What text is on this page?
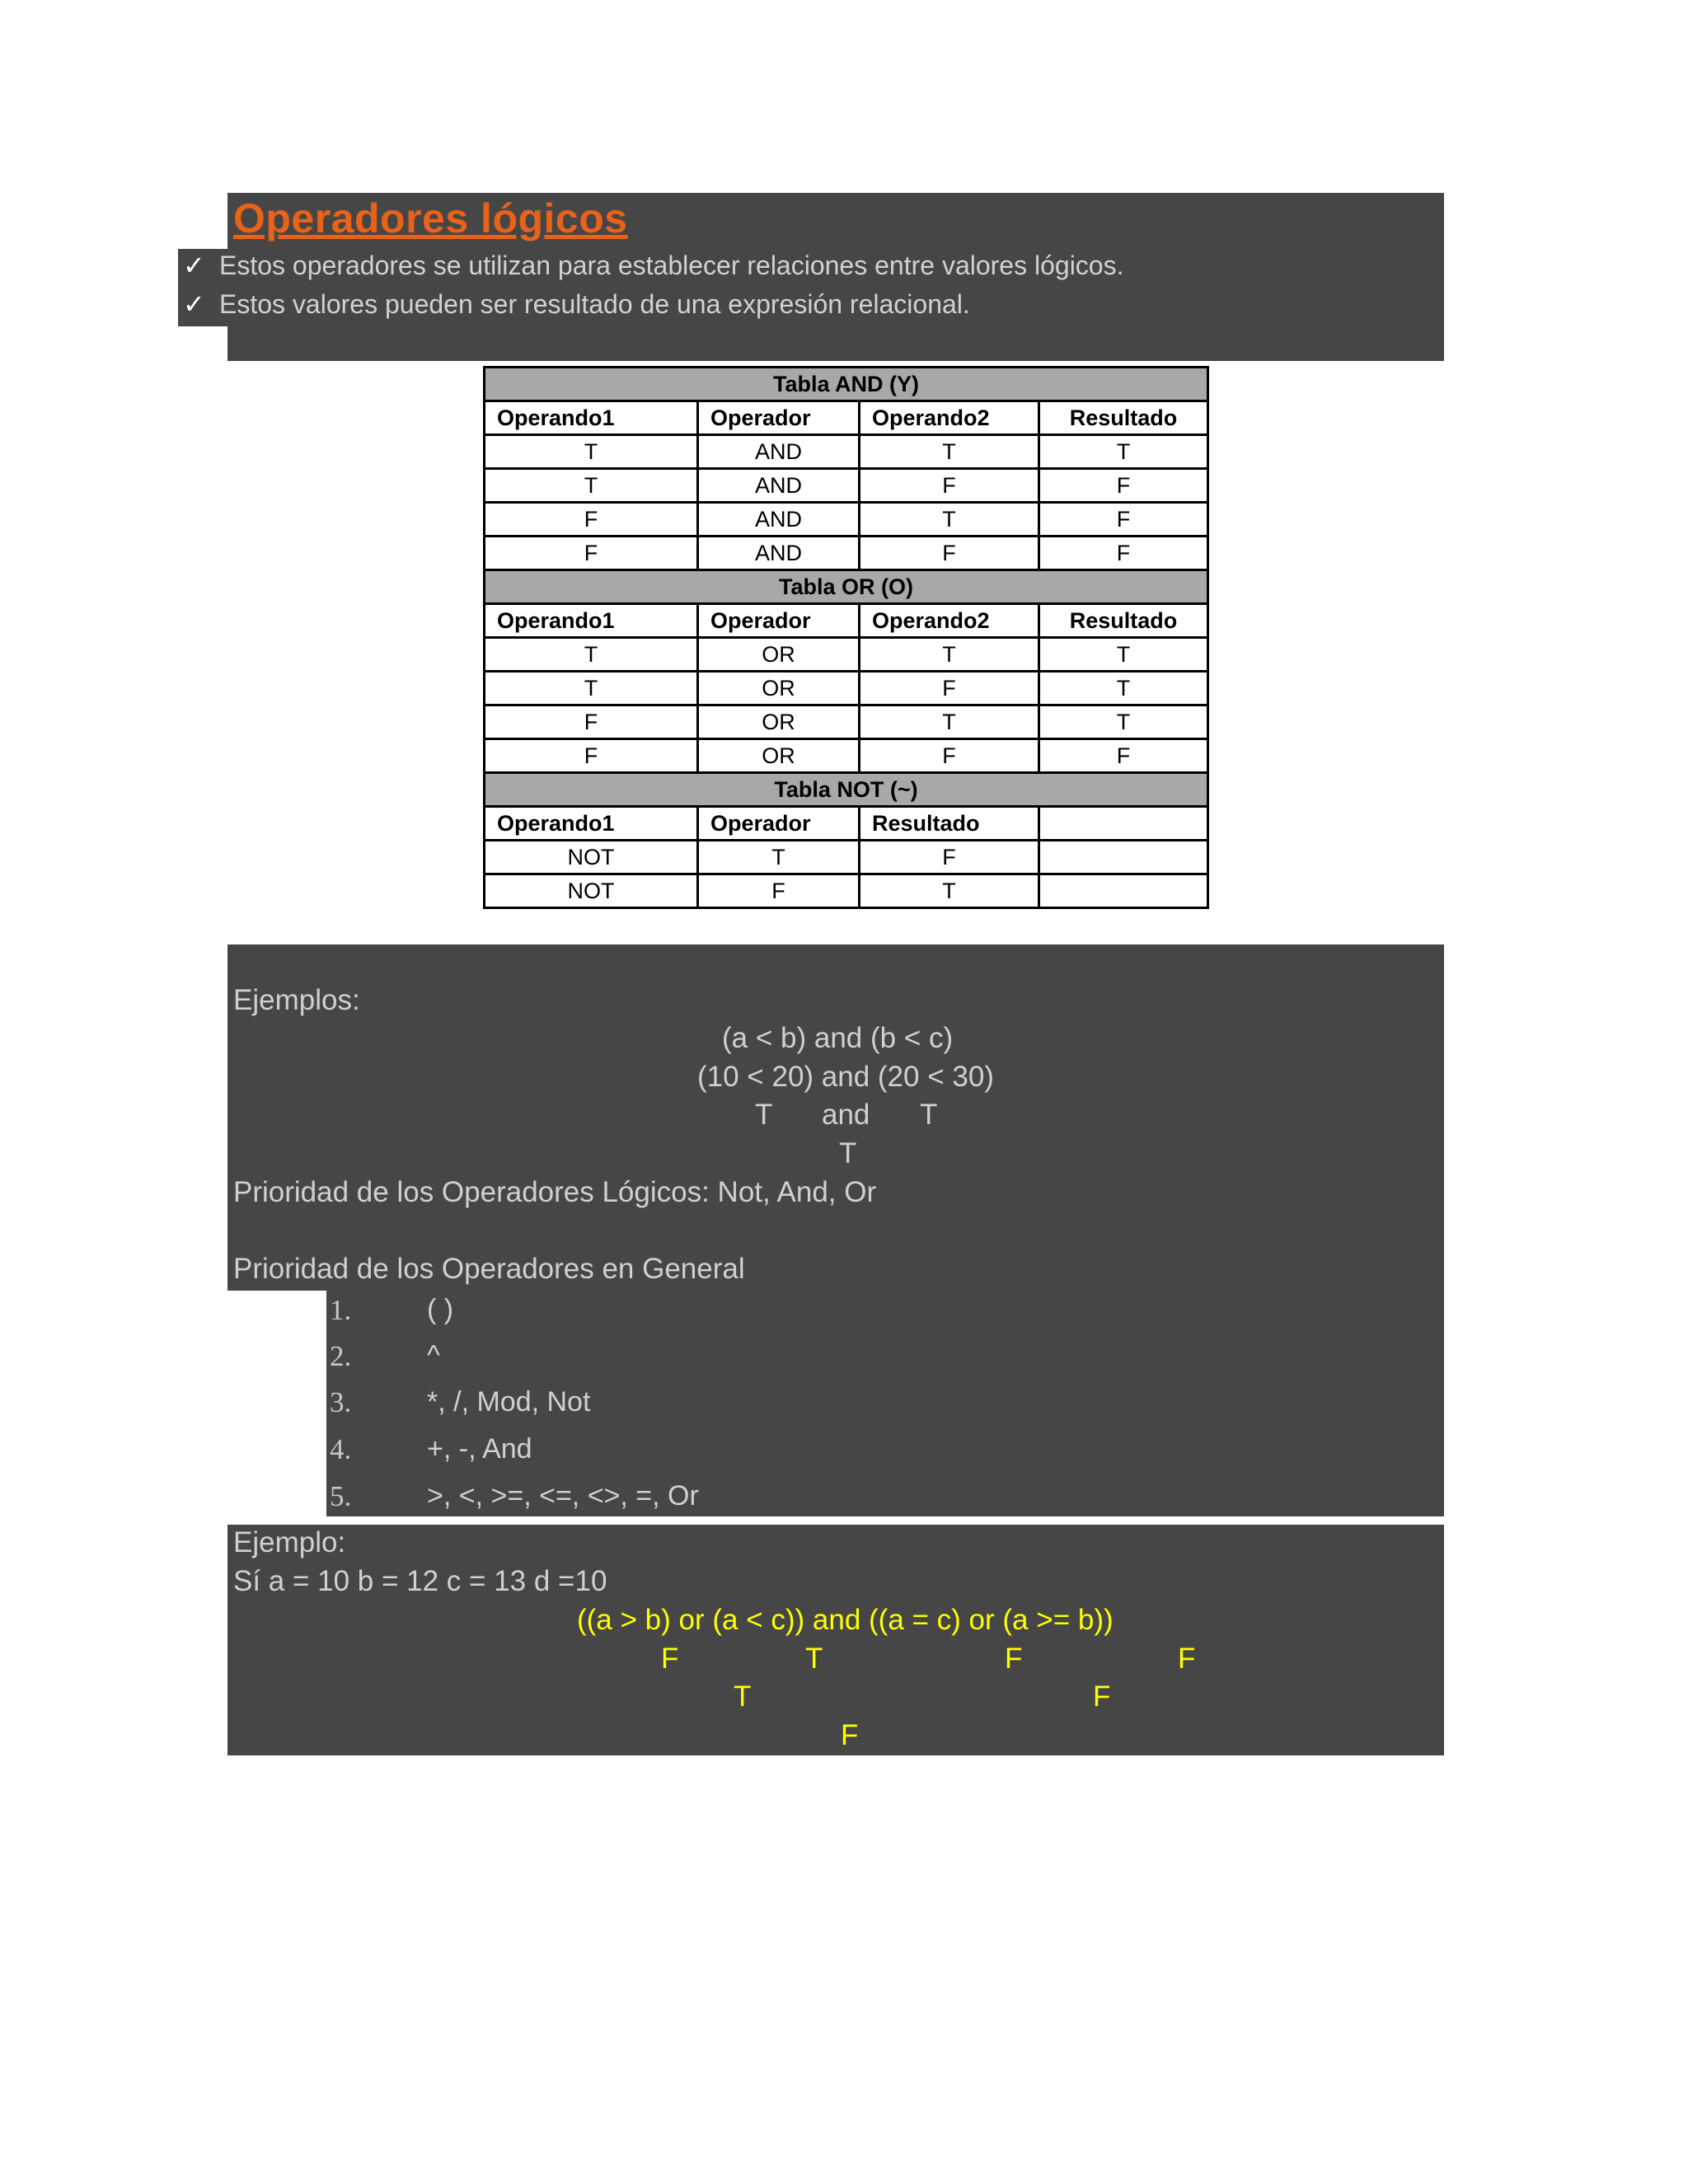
Operadores lógicos
✓ Estos operadores se utilizan para establecer relaciones entre valores lógicos.
✓ Estos valores pueden ser resultado de una expresión relacional.
Tabla AND (Y)			
Operando1	Operador	Operando2	Resultado
T	AND	T	T
T	AND	F	F
F	AND	T	F
F	AND	F	F
Tabla OR (O)			
Operando1	Operador	Operando2	Resultado
T	OR	T	T
T	OR	F	T
F	OR	T	T
F	OR	F	F
Tabla NOT (~)			
Operando1	Operador	Resultado	
NOT	T	F	
NOT	F	T	
Ejemplos:
(a < b) and (b < c)
(10 < 20) and (20 < 30)
T and T
T
Prioridad de los Operadores Lógicos: Not, And, Or
Prioridad de los Operadores en General
1.	( )
2.	^
3.	*, /, Mod, Not
4.	+, -, And
5.	>, <, >=, <=, <>, =, Or
Ejemplo:
Sí a = 10 b = 12 c = 13 d =10
((a > b) or (a < c)) and ((a = c) or (a >= b))
F	T	F	F
T	F
F
